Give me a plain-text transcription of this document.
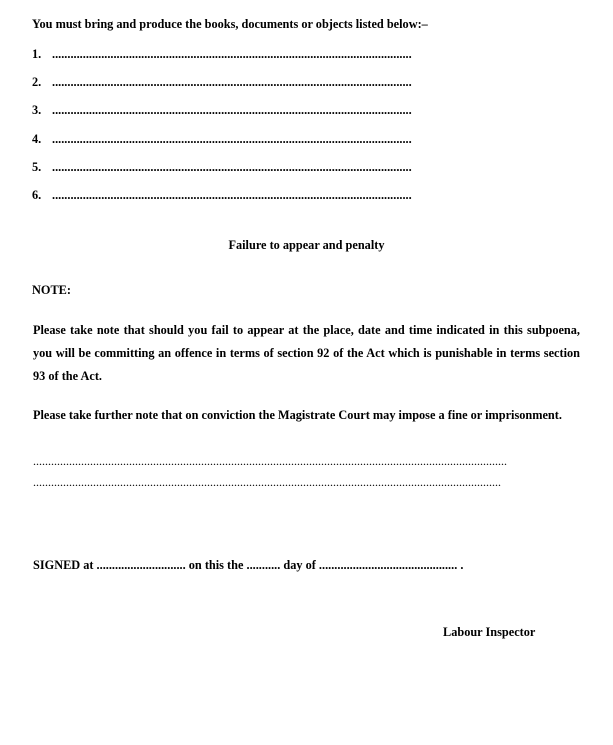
You must bring and produce the books, documents or objects listed below:–
1. .....................................................................................................................
2. .....................................................................................................................
3. .....................................................................................................................
4. .....................................................................................................................
5. .....................................................................................................................
6. .....................................................................................................................
Failure to appear and penalty
NOTE:
Please take note that should you fail to appear at the place, date and time indicated in this subpoena, you will be committing an offence in terms of section 92 of the Act which is punishable in terms section 93 of the Act.
Please take further note that on conviction the Magistrate Court may impose a fine or imprisonment.
..............................................................................................................................................................
............................................................................................................................................................
SIGNED at ............................. on this the ........... day of ............................................. .
Labour Inspector
